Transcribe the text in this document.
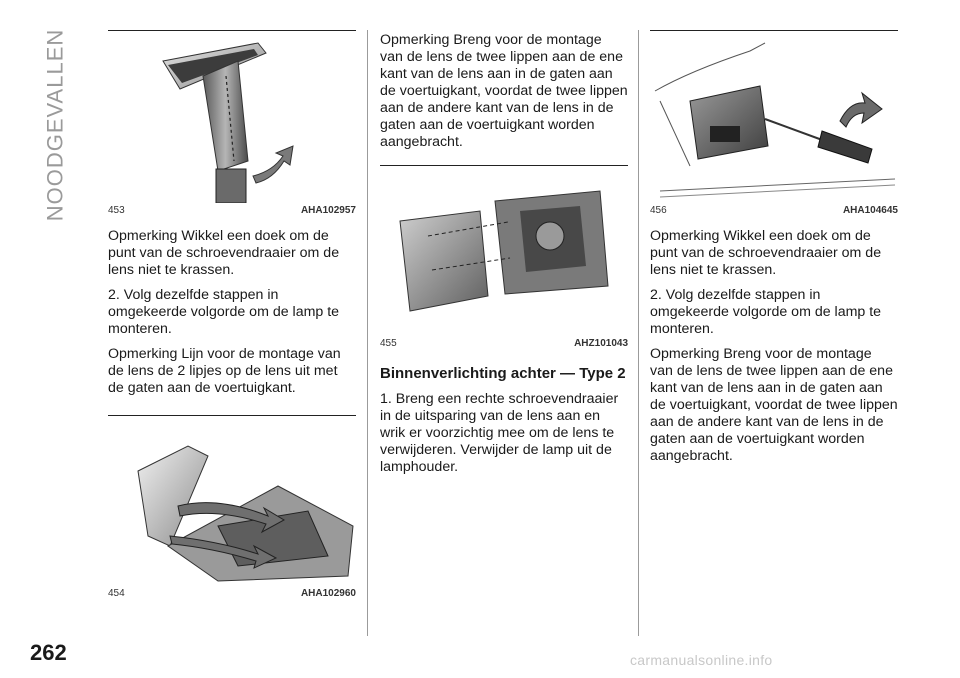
NOODGEVALLEN	453	AHA102957

Opmerking Wikkel een doek om de punt van de schroevendraaier om de lens niet te krassen.

2. Volg dezelfde stappen in omgekeerde volgorde om de lamp te monteren.

Opmerking Lijn voor de montage van de lens de 2 lipjes op de lens uit met de gaten aan de voertuigkant.

454	AHA102960

Opmerking Breng voor de montage van de lens de twee lippen aan de ene kant van de lens aan in de gaten aan de voertuigkant, voordat de twee lippen aan de andere kant van de lens in de gaten aan de voertuigkant worden aangebracht.

455	AHZ101043
Binnenverlichting achter — Type 2

1. Breng een rechte schroevendraaier in de uitsparing van de lens aan en wrik er voorzichtig mee om de lens te verwijderen. Verwijder de lamp uit de lamphouder.

456	AHA104645

Opmerking Wikkel een doek om de punt van de schroevendraaier om de lens niet te krassen.

2. Volg dezelfde stappen in omgekeerde volgorde om de lamp te monteren.

Opmerking Breng voor de montage van de lens de twee lippen aan de ene kant van de lens aan in de gaten aan de voertuigkant, voordat de twee lippen aan de andere kant van de lens in de gaten aan de voertuigkant worden aangebracht.

262	carmanualsonline.info
